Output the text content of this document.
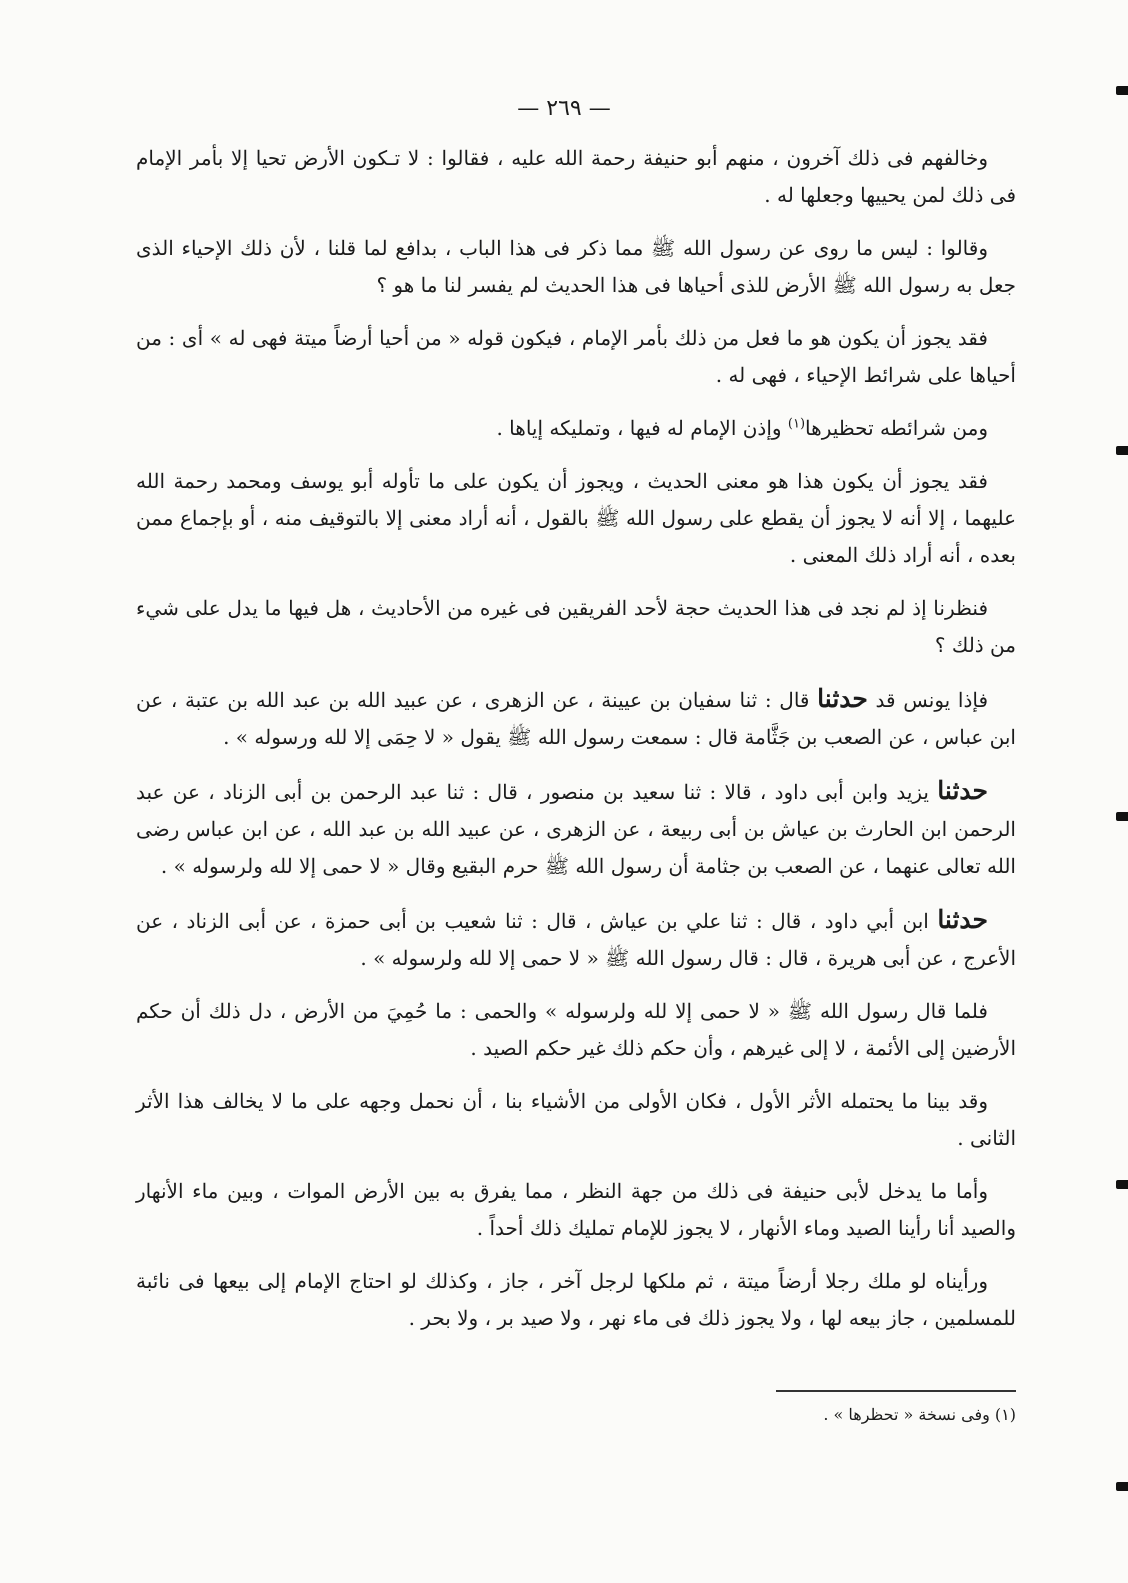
— ٢٦٩ —

وخالفهم فى ذلك آخرون ، منهم أبو حنيفة رحمة الله عليه ، فقالوا : لا تـكون الأرض تحيا إلا بأمر الإمام فى ذلك لمن يحييها وجعلها له .

وقالوا : ليس ما روى عن رسول الله ﷺ مما ذكر فى هذا الباب ، بدافع لما قلنا ، لأن ذلك الإحياء الذى جعل به رسول الله ﷺ الأرض للذى أحياها فى هذا الحديث لم يفسر لنا ما هو ؟

فقد يجوز أن يكون هو ما فعل من ذلك بأمر الإمام ، فيكون قوله « من أحيا أرضاً ميتة فهى له » أى : من أحياها على شرائط الإحياء ، فهى له .

ومن شرائطه تحظيرها$^{(١)}$ وإذن الإمام له فيها ، وتمليكه إياها .

فقد يجوز أن يكون هذا هو معنى الحديث ، ويجوز أن يكون على ما تأوله أبو يوسف ومحمد رحمة الله عليهما ، إلا أنه لا يجوز أن يقطع على رسول الله ﷺ بالقول ، أنه أراد معنى إلا بالتوقيف منه ، أو بإجماع ممن بعده ، أنه أراد ذلك المعنى .

فنظرنا إذ لم نجد فى هذا الحديث حجة لأحد الفريقين فى غيره من الأحاديث ، هل فيها ما يدل على شيء من ذلك ؟

فإذا يونس قد حدثنا قال : ثنا سفيان بن عيينة ، عن الزهرى ، عن عبيد الله بن عبد الله بن عتبة ، عن ابن عباس ، عن الصعب بن جَثَّامة قال : سمعت رسول الله ﷺ يقول « لا حِمَى إلا لله ورسوله » .

حدثنا يزيد وابن أبى داود ، قالا : ثنا سعيد بن منصور ، قال : ثنا عبد الرحمن بن أبى الزناد ، عن عبد الرحمن ابن الحارث بن عياش بن أبى ربيعة ، عن الزهرى ، عن عبيد الله بن عبد الله ، عن ابن عباس رضى الله تعالى عنهما ، عن الصعب بن جثامة أن رسول الله ﷺ حرم البقيع وقال « لا حمى إلا لله ولرسوله » .

حدثنا ابن أبي داود ، قال : ثنا علي بن عياش ، قال : ثنا شعيب بن أبى حمزة ، عن أبى الزناد ، عن الأعرج ، عن أبى هريرة ، قال : قال رسول الله ﷺ « لا حمى إلا لله ولرسوله » .

فلما قال رسول الله ﷺ « لا حمى إلا لله ولرسوله » والحمى : ما حُمِيَ من الأرض ، دل ذلك أن حكم الأرضين إلى الأئمة ، لا إلى غيرهم ، وأن حكم ذلك غير حكم الصيد .

وقد بينا ما يحتمله الأثر الأول ، فكان الأولى من الأشياء بنا ، أن نحمل وجهه على ما لا يخالف هذا الأثر الثانى .

وأما ما يدخل لأبى حنيفة فى ذلك من جهة النظر ، مما يفرق به بين الأرض الموات ، وبين ماء الأنهار والصيد أنا رأينا الصيد وماء الأنهار ، لا يجوز للإمام تمليك ذلك أحداً .

ورأيناه لو ملك رجلا أرضاً ميتة ، ثم ملكها لرجل آخر ، جاز ، وكذلك لو احتاج الإمام إلى بيعها فى نائبة للمسلمين ، جاز بيعه لها ، ولا يجوز ذلك فى ماء نهر ، ولا صيد بر ، ولا بحر .

(١) وفى نسخة « تحظرها » .
